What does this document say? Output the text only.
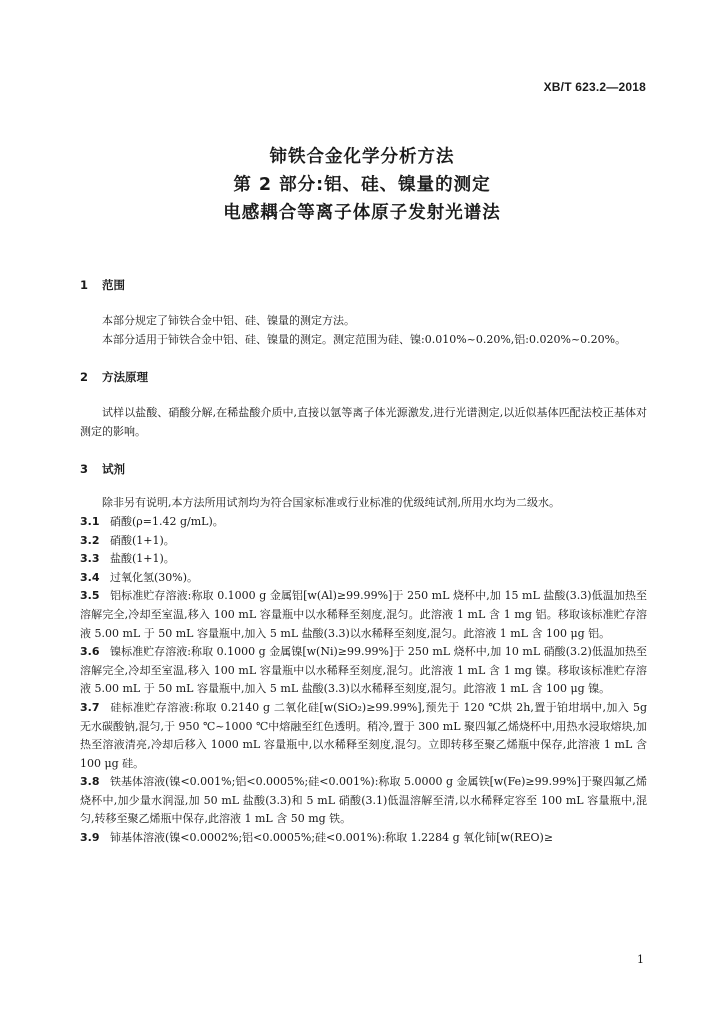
XB/T 623.2—2018
铈铁合金化学分析方法
第 2 部分:铝、硅、镍量的测定
电感耦合等离子体原子发射光谱法
1 范围

本部分规定了铈铁合金中铝、硅、镍量的测定方法。

本部分适用于铈铁合金中铝、硅、镍量的测定。测定范围为硅、镍:0.010%~0.20%,铝:0.020%~0.20%。

2 方法原理

试样以盐酸、硝酸分解,在稀盐酸介质中,直接以氩等离子体光源激发,进行光谱测定,以近似基体匹配法校正基体对测定的影响。

3 试剂

除非另有说明,本方法所用试剂均为符合国家标准或行业标准的优级纯试剂,所用水均为二级水。

3.1 硝酸(ρ=1.42 g/mL)。

3.2 硝酸(1+1)。

3.3 盐酸(1+1)。

3.4 过氧化氢(30%)。

3.5 铝标准贮存溶液:称取 0.1000 g 金属铝[w(Al)≥99.99%]于 250 mL 烧杯中,加 15 mL 盐酸(3.3)低温加热至溶解完全,冷却至室温,移入 100 mL 容量瓶中以水稀释至刻度,混匀。此溶液 1 mL 含 1 mg 铝。移取该标准贮存溶液 5.00 mL 于 50 mL 容量瓶中,加入 5 mL 盐酸(3.3)以水稀释至刻度,混匀。此溶液 1 mL 含 100 μg 铝。

3.6 镍标准贮存溶液:称取 0.1000 g 金属镍[w(Ni)≥99.99%]于 250 mL 烧杯中,加 10 mL 硝酸(3.2)低温加热至溶解完全,冷却至室温,移入 100 mL 容量瓶中以水稀释至刻度,混匀。此溶液 1 mL 含 1 mg 镍。移取该标准贮存溶液 5.00 mL 于 50 mL 容量瓶中,加入 5 mL 盐酸(3.3)以水稀释至刻度,混匀。此溶液 1 mL 含 100 μg 镍。

3.7 硅标准贮存溶液:称取 0.2140 g 二氧化硅[w(SiO₂)≥99.99%],预先于 120 ℃烘 2h,置于铂坩埚中,加入 5g 无水碳酸钠,混匀,于 950 ℃~1000 ℃中熔融至红色透明。稍冷,置于 300 mL 聚四氟乙烯烧杯中,用热水浸取熔块,加热至溶液清亮,冷却后移入 1000 mL 容量瓶中,以水稀释至刻度,混匀。立即转移至聚乙烯瓶中保存,此溶液 1 mL 含 100 μg 硅。

3.8 铁基体溶液(镍<0.001%;铝<0.0005%;硅<0.001%):称取 5.0000 g 金属铁[w(Fe)≥99.99%]于聚四氟乙烯烧杯中,加少量水润湿,加 50 mL 盐酸(3.3)和 5 mL 硝酸(3.1)低温溶解至清,以水稀释定容至 100 mL 容量瓶中,混匀,转移至聚乙烯瓶中保存,此溶液 1 mL 含 50 mg 铁。

3.9 铈基体溶液(镍<0.0002%;铝<0.0005%;硅<0.001%):称取 1.2284 g 氧化铈[w(REO)≥

1
